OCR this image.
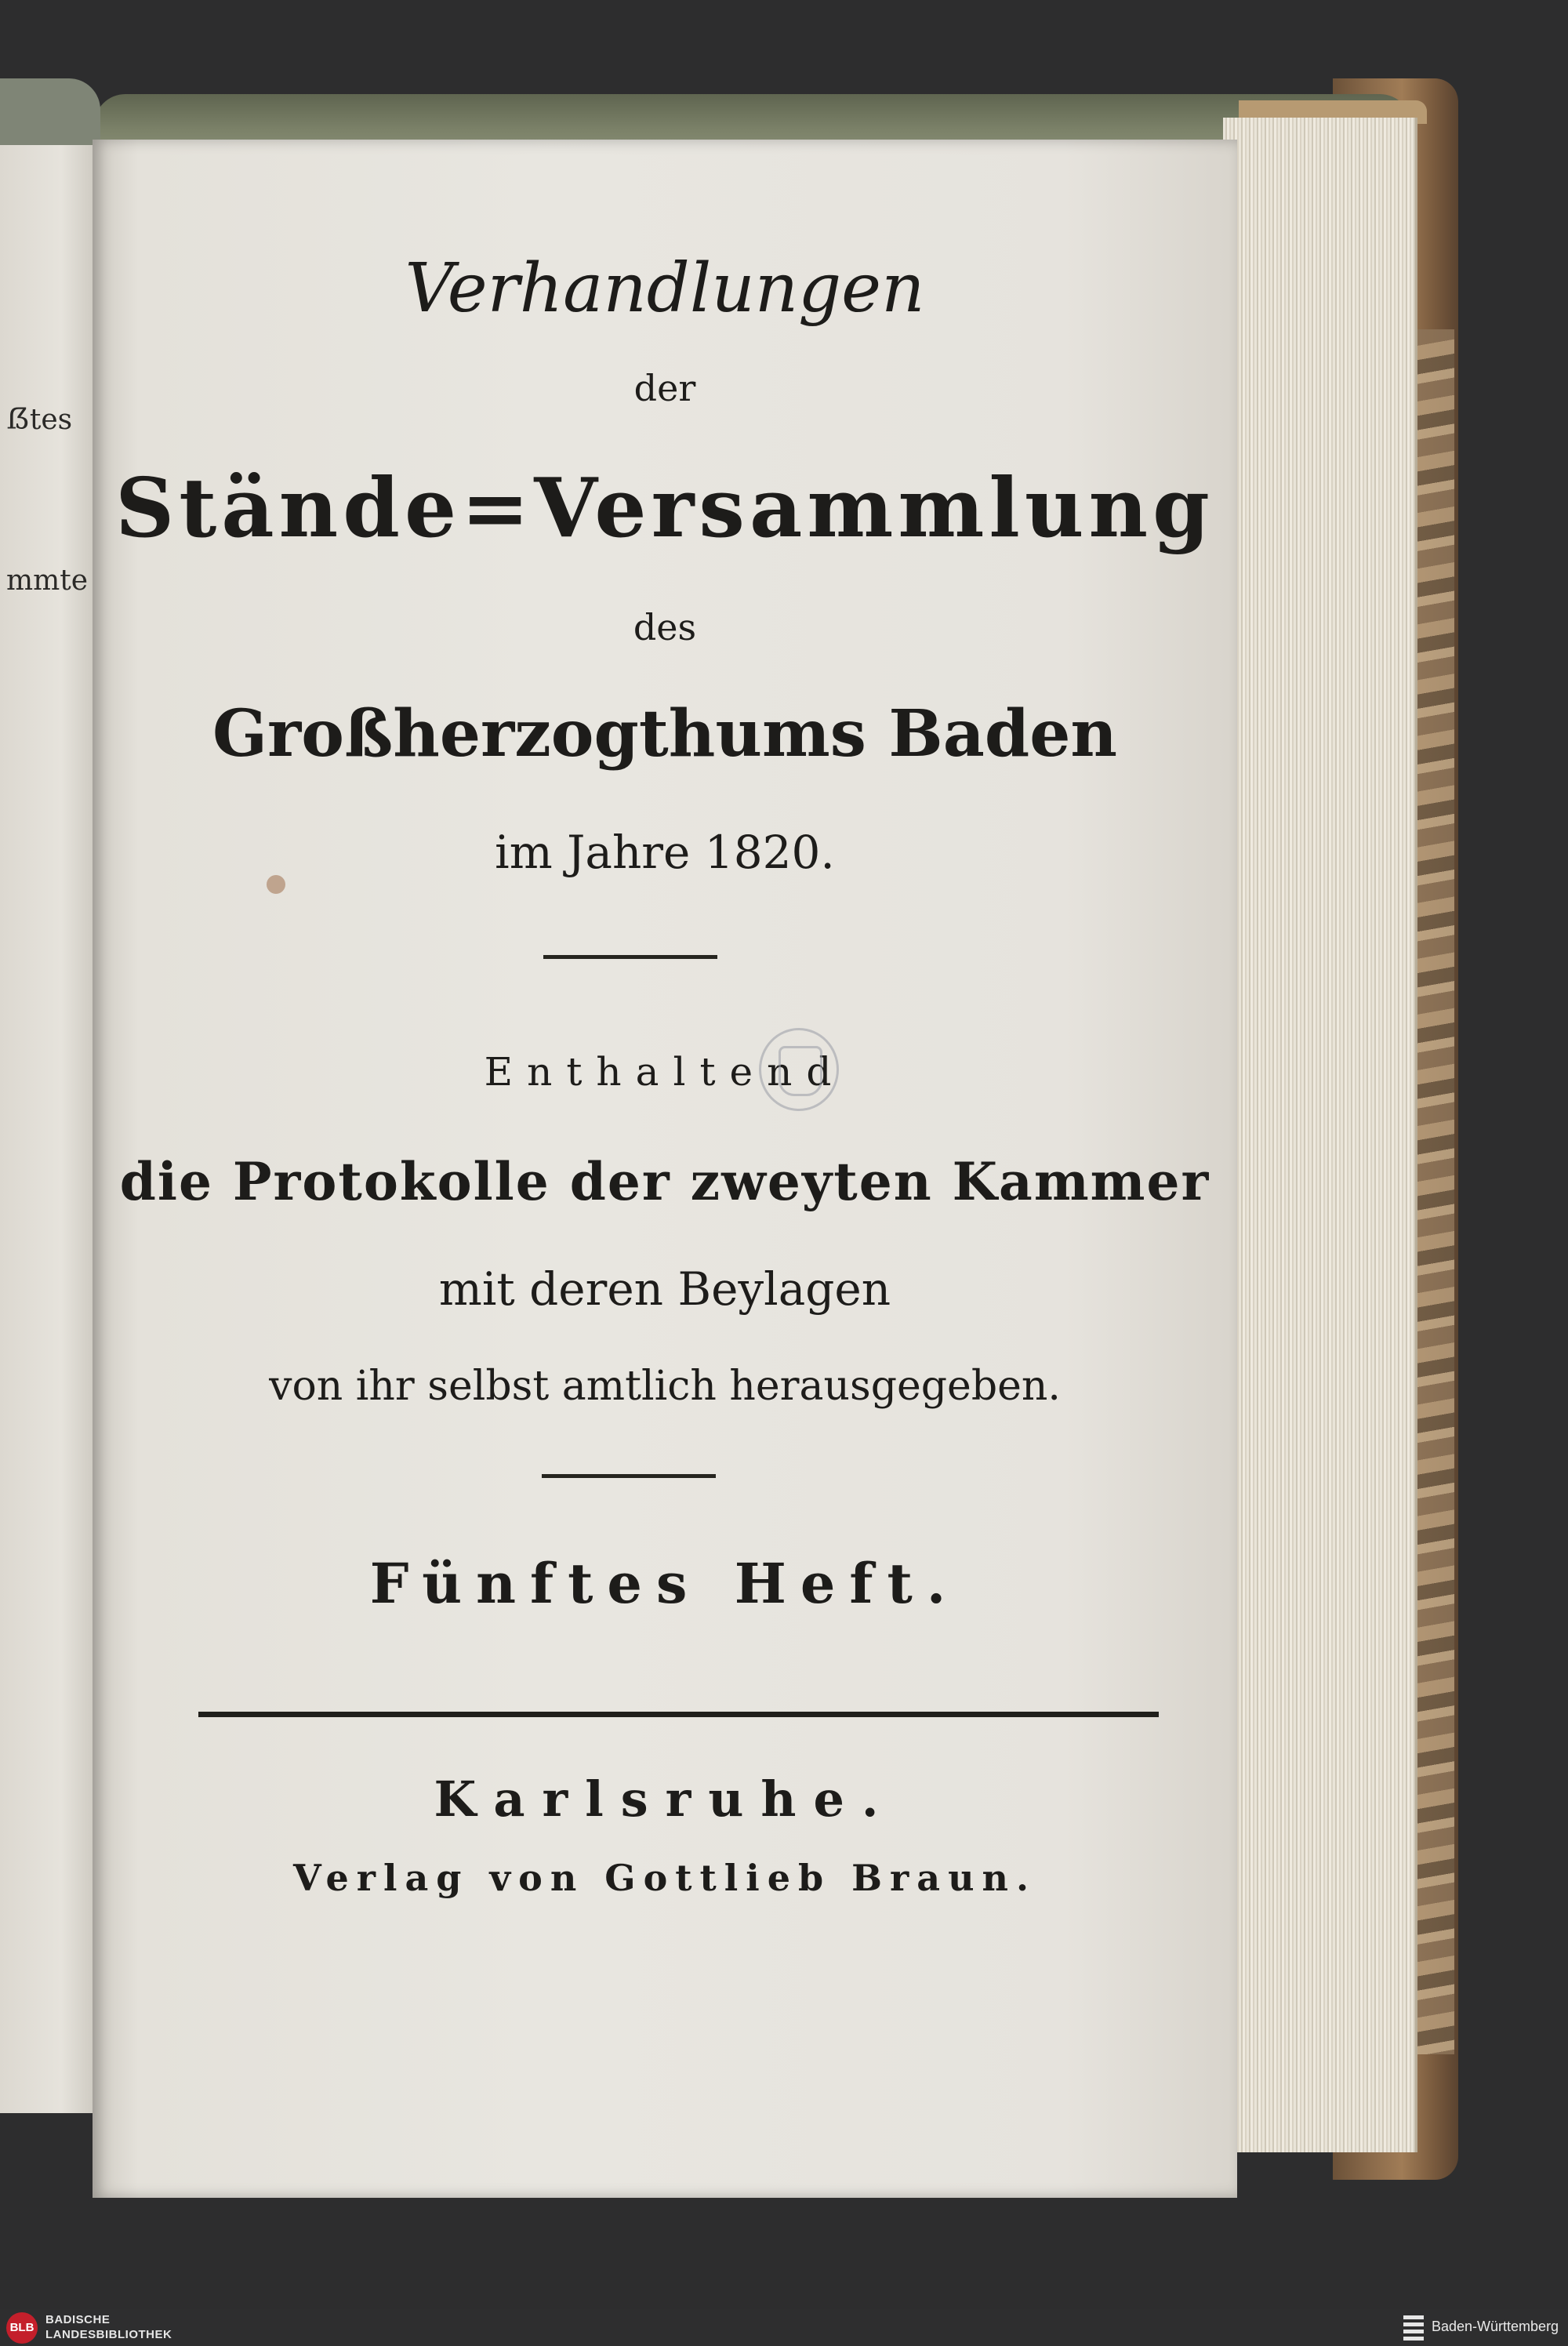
ẞtes
mmte
Verhandlungen
der
Stände=Versammlung
des
Großherzogthums Baden
im Jahre 1820.
Enthaltend
die Protokolle der zweyten Kammer
mit deren Beylagen
von ihr selbst amtlich herausgegeben.
Fünftes Heft.
Karlsruhe.
Verlag von Gottlieb Braun.
BLB
BADISCHE
LANDESBIBLIOTHEK
Baden-Württemberg
